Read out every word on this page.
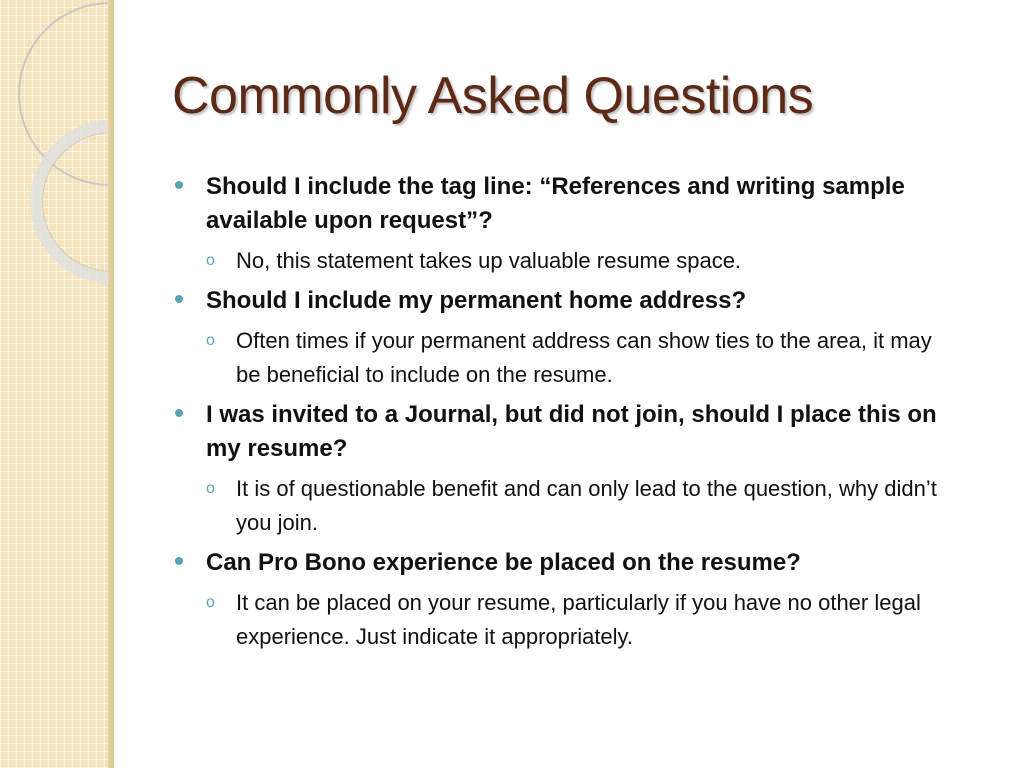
Commonly Asked Questions

Should I include the tag line: “References and writing sample available upon request”?

o No, this statement takes up valuable resume space.

Should I include my permanent home address?

o Often times if your permanent address can show ties to the area, it may be beneficial to include on the resume.

I was invited to a Journal, but did not join, should I place this on my resume?

o It is of questionable benefit and can only lead to the question, why didn’t you join.

Can Pro Bono experience be placed on the resume?

o It can be placed on your resume, particularly if you have no other legal experience. Just indicate it appropriately.
